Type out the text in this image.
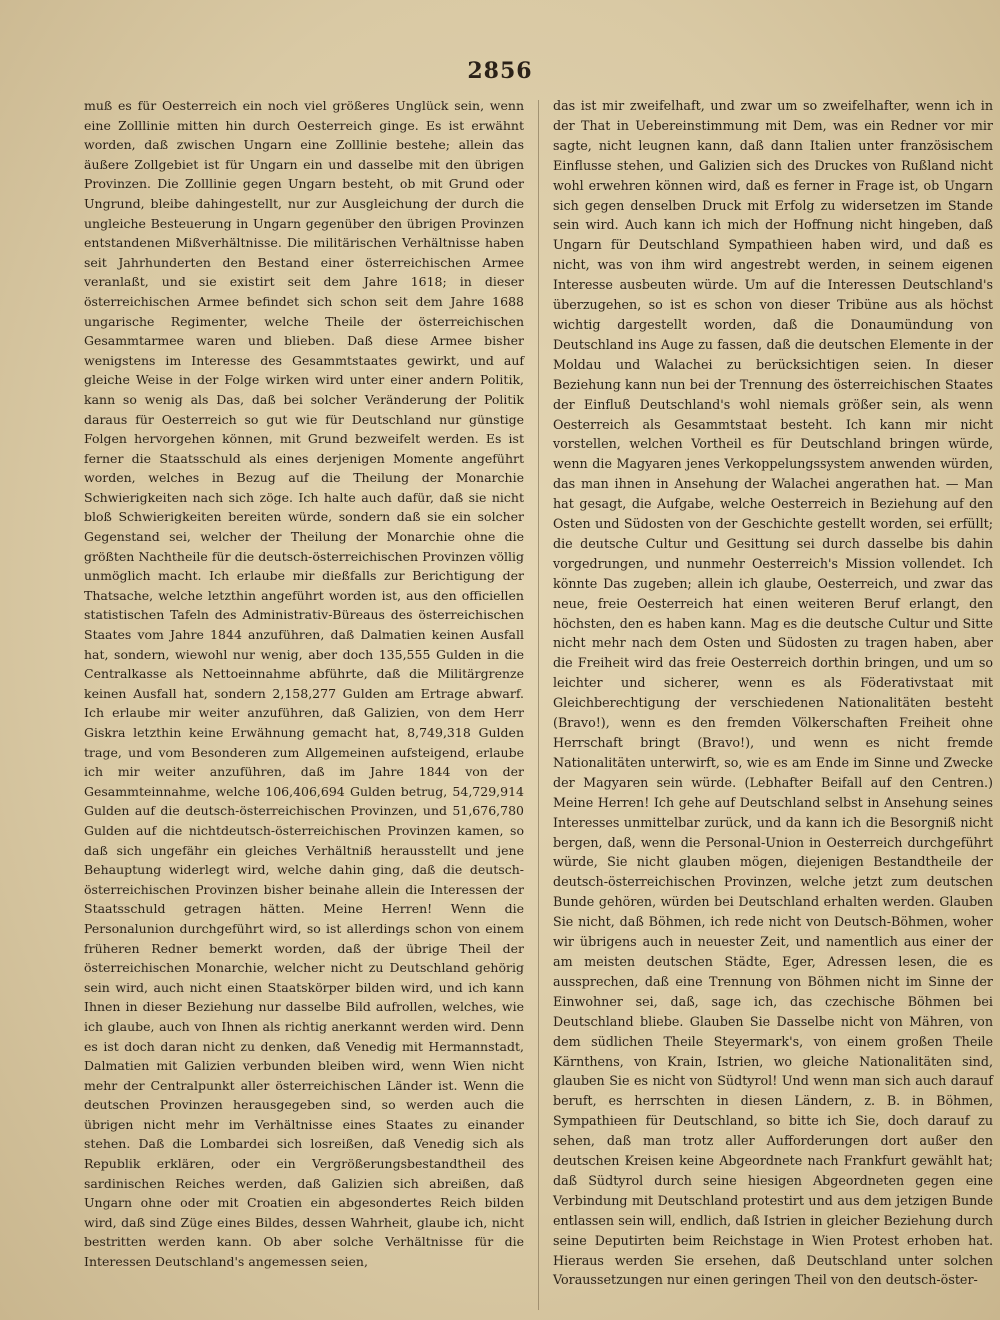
2856

muß es für Oesterreich ein noch viel größeres Unglück sein, wenn eine Zolllinie mitten hin durch Oesterreich ginge. Es ist erwähnt worden, daß zwischen Ungarn eine Zolllinie bestehe; allein das äußere Zollgebiet ist für Ungarn ein und dasselbe mit den übrigen Provinzen. Die Zolllinie gegen Ungarn besteht, ob mit Grund oder Ungrund, bleibe dahingestellt, nur zur Ausgleichung der durch die ungleiche Besteuerung in Ungarn gegenüber den übrigen Provinzen entstandenen Mißverhältnisse. Die militärischen Verhältnisse haben seit Jahrhunderten den Bestand einer österreichischen Armee veranlaßt, und sie existirt seit dem Jahre 1618; in dieser österreichischen Armee befindet sich schon seit dem Jahre 1688 ungarische Regimenter, welche Theile der österreichischen Gesammtarmee waren und blieben. Daß diese Armee bisher wenigstens im Interesse des Gesammtstaates gewirkt, und auf gleiche Weise in der Folge wirken wird unter einer andern Politik, kann so wenig als Das, daß bei solcher Veränderung der Politik daraus für Oesterreich so gut wie für Deutschland nur günstige Folgen hervorgehen können, mit Grund bezweifelt werden. Es ist ferner die Staatsschuld als eines derjenigen Momente angeführt worden, welches in Bezug auf die Theilung der Monarchie Schwierigkeiten nach sich zöge. Ich halte auch dafür, daß sie nicht bloß Schwierigkeiten bereiten würde, sondern daß sie ein solcher Gegenstand sei, welcher der Theilung der Monarchie ohne die größten Nachtheile für die deutsch-österreichischen Provinzen völlig unmöglich macht. Ich erlaube mir dießfalls zur Berichtigung der Thatsache, welche letzthin angeführt worden ist, aus den officiellen statistischen Tafeln des Administrativ-Büreaus des österreichischen Staates vom Jahre 1844 anzuführen, daß Dalmatien keinen Ausfall hat, sondern, wiewohl nur wenig, aber doch 135,555 Gulden in die Centralkasse als Nettoeinnahme abführte, daß die Militärgrenze keinen Ausfall hat, sondern 2,158,277 Gulden am Ertrage abwarf. Ich erlaube mir weiter anzuführen, daß Galizien, von dem Herr Giskra letzthin keine Erwähnung gemacht hat, 8,749,318 Gulden trage, und vom Besonderen zum Allgemeinen aufsteigend, erlaube ich mir weiter anzuführen, daß im Jahre 1844 von der Gesammteinnahme, welche 106,406,694 Gulden betrug, 54,729,914 Gulden auf die deutsch-österreichischen Provinzen, und 51,676,780 Gulden auf die nichtdeutsch-österreichischen Provinzen kamen, so daß sich ungefähr ein gleiches Verhältniß herausstellt und jene Behauptung widerlegt wird, welche dahin ging, daß die deutsch-österreichischen Provinzen bisher beinahe allein die Interessen der Staatsschuld getragen hätten. Meine Herren! Wenn die Personalunion durchgeführt wird, so ist allerdings schon von einem früheren Redner bemerkt worden, daß der übrige Theil der österreichischen Monarchie, welcher nicht zu Deutschland gehörig sein wird, auch nicht einen Staatskörper bilden wird, und ich kann Ihnen in dieser Beziehung nur dasselbe Bild aufrollen, welches, wie ich glaube, auch von Ihnen als richtig anerkannt werden wird. Denn es ist doch daran nicht zu denken, daß Venedig mit Hermannstadt, Dalmatien mit Galizien verbunden bleiben wird, wenn Wien nicht mehr der Centralpunkt aller österreichischen Länder ist. Wenn die deutschen Provinzen herausgegeben sind, so werden auch die übrigen nicht mehr im Verhältnisse eines Staates zu einander stehen. Daß die Lombardei sich losreißen, daß Venedig sich als Republik erklären, oder ein Vergrößerungsbestandtheil des sardinischen Reiches werden, daß Galizien sich abreißen, daß Ungarn ohne oder mit Croatien ein abgesondertes Reich bilden wird, daß sind Züge eines Bildes, dessen Wahrheit, glaube ich, nicht bestritten werden kann. Ob aber solche Verhältnisse für die Interessen Deutschland's angemessen seien,

das ist mir zweifelhaft, und zwar um so zweifelhafter, wenn ich in der That in Uebereinstimmung mit Dem, was ein Redner vor mir sagte, nicht leugnen kann, daß dann Italien unter französischem Einflusse stehen, und Galizien sich des Druckes von Rußland nicht wohl erwehren können wird, daß es ferner in Frage ist, ob Ungarn sich gegen denselben Druck mit Erfolg zu widersetzen im Stande sein wird. Auch kann ich mich der Hoffnung nicht hingeben, daß Ungarn für Deutschland Sympathieen haben wird, und daß es nicht, was von ihm wird angestrebt werden, in seinem eigenen Interesse ausbeuten würde. Um auf die Interessen Deutschland's überzugehen, so ist es schon von dieser Tribüne aus als höchst wichtig dargestellt worden, daß die Donaumündung von Deutschland ins Auge zu fassen, daß die deutschen Elemente in der Moldau und Walachei zu berücksichtigen seien. In dieser Beziehung kann nun bei der Trennung des österreichischen Staates der Einfluß Deutschland's wohl niemals größer sein, als wenn Oesterreich als Gesammtstaat besteht. Ich kann mir nicht vorstellen, welchen Vortheil es für Deutschland bringen würde, wenn die Magyaren jenes Verkoppelungssystem anwenden würden, das man ihnen in Ansehung der Walachei angerathen hat. — Man hat gesagt, die Aufgabe, welche Oesterreich in Beziehung auf den Osten und Südosten von der Geschichte gestellt worden, sei erfüllt; die deutsche Cultur und Gesittung sei durch dasselbe bis dahin vorgedrungen, und nunmehr Oesterreich's Mission vollendet. Ich könnte Das zugeben; allein ich glaube, Oesterreich, und zwar das neue, freie Oesterreich hat einen weiteren Beruf erlangt, den höchsten, den es haben kann. Mag es die deutsche Cultur und Sitte nicht mehr nach dem Osten und Südosten zu tragen haben, aber die Freiheit wird das freie Oesterreich dorthin bringen, und um so leichter und sicherer, wenn es als Föderativstaat mit Gleichberechtigung der verschiedenen Nationalitäten besteht (Bravo!), wenn es den fremden Völkerschaften Freiheit ohne Herrschaft bringt (Bravo!), und wenn es nicht fremde Nationalitäten unterwirft, so, wie es am Ende im Sinne und Zwecke der Magyaren sein würde. (Lebhafter Beifall auf den Centren.) Meine Herren! Ich gehe auf Deutschland selbst in Ansehung seines Interesses unmittelbar zurück, und da kann ich die Besorgniß nicht bergen, daß, wenn die Personal-Union in Oesterreich durchgeführt würde, Sie nicht glauben mögen, diejenigen Bestandtheile der deutsch-österreichischen Provinzen, welche jetzt zum deutschen Bunde gehören, würden bei Deutschland erhalten werden. Glauben Sie nicht, daß Böhmen, ich rede nicht von Deutsch-Böhmen, woher wir übrigens auch in neuester Zeit, und namentlich aus einer der am meisten deutschen Städte, Eger, Adressen lesen, die es aussprechen, daß eine Trennung von Böhmen nicht im Sinne der Einwohner sei, daß, sage ich, das czechische Böhmen bei Deutschland bliebe. Glauben Sie Dasselbe nicht von Mähren, von dem südlichen Theile Steyermark's, von einem großen Theile Kärnthens, von Krain, Istrien, wo gleiche Nationalitäten sind, glauben Sie es nicht von Südtyrol! Und wenn man sich auch darauf beruft, es herrschten in diesen Ländern, z. B. in Böhmen, Sympathieen für Deutschland, so bitte ich Sie, doch darauf zu sehen, daß man trotz aller Aufforderungen dort außer den deutschen Kreisen keine Abgeordnete nach Frankfurt gewählt hat; daß Südtyrol durch seine hiesigen Abgeordneten gegen eine Verbindung mit Deutschland protestirt und aus dem jetzigen Bunde entlassen sein will, endlich, daß Istrien in gleicher Beziehung durch seine Deputirten beim Reichstage in Wien Protest erhoben hat. Hieraus werden Sie ersehen, daß Deutschland unter solchen Voraussetzungen nur einen geringen Theil von den deutsch-öster-
